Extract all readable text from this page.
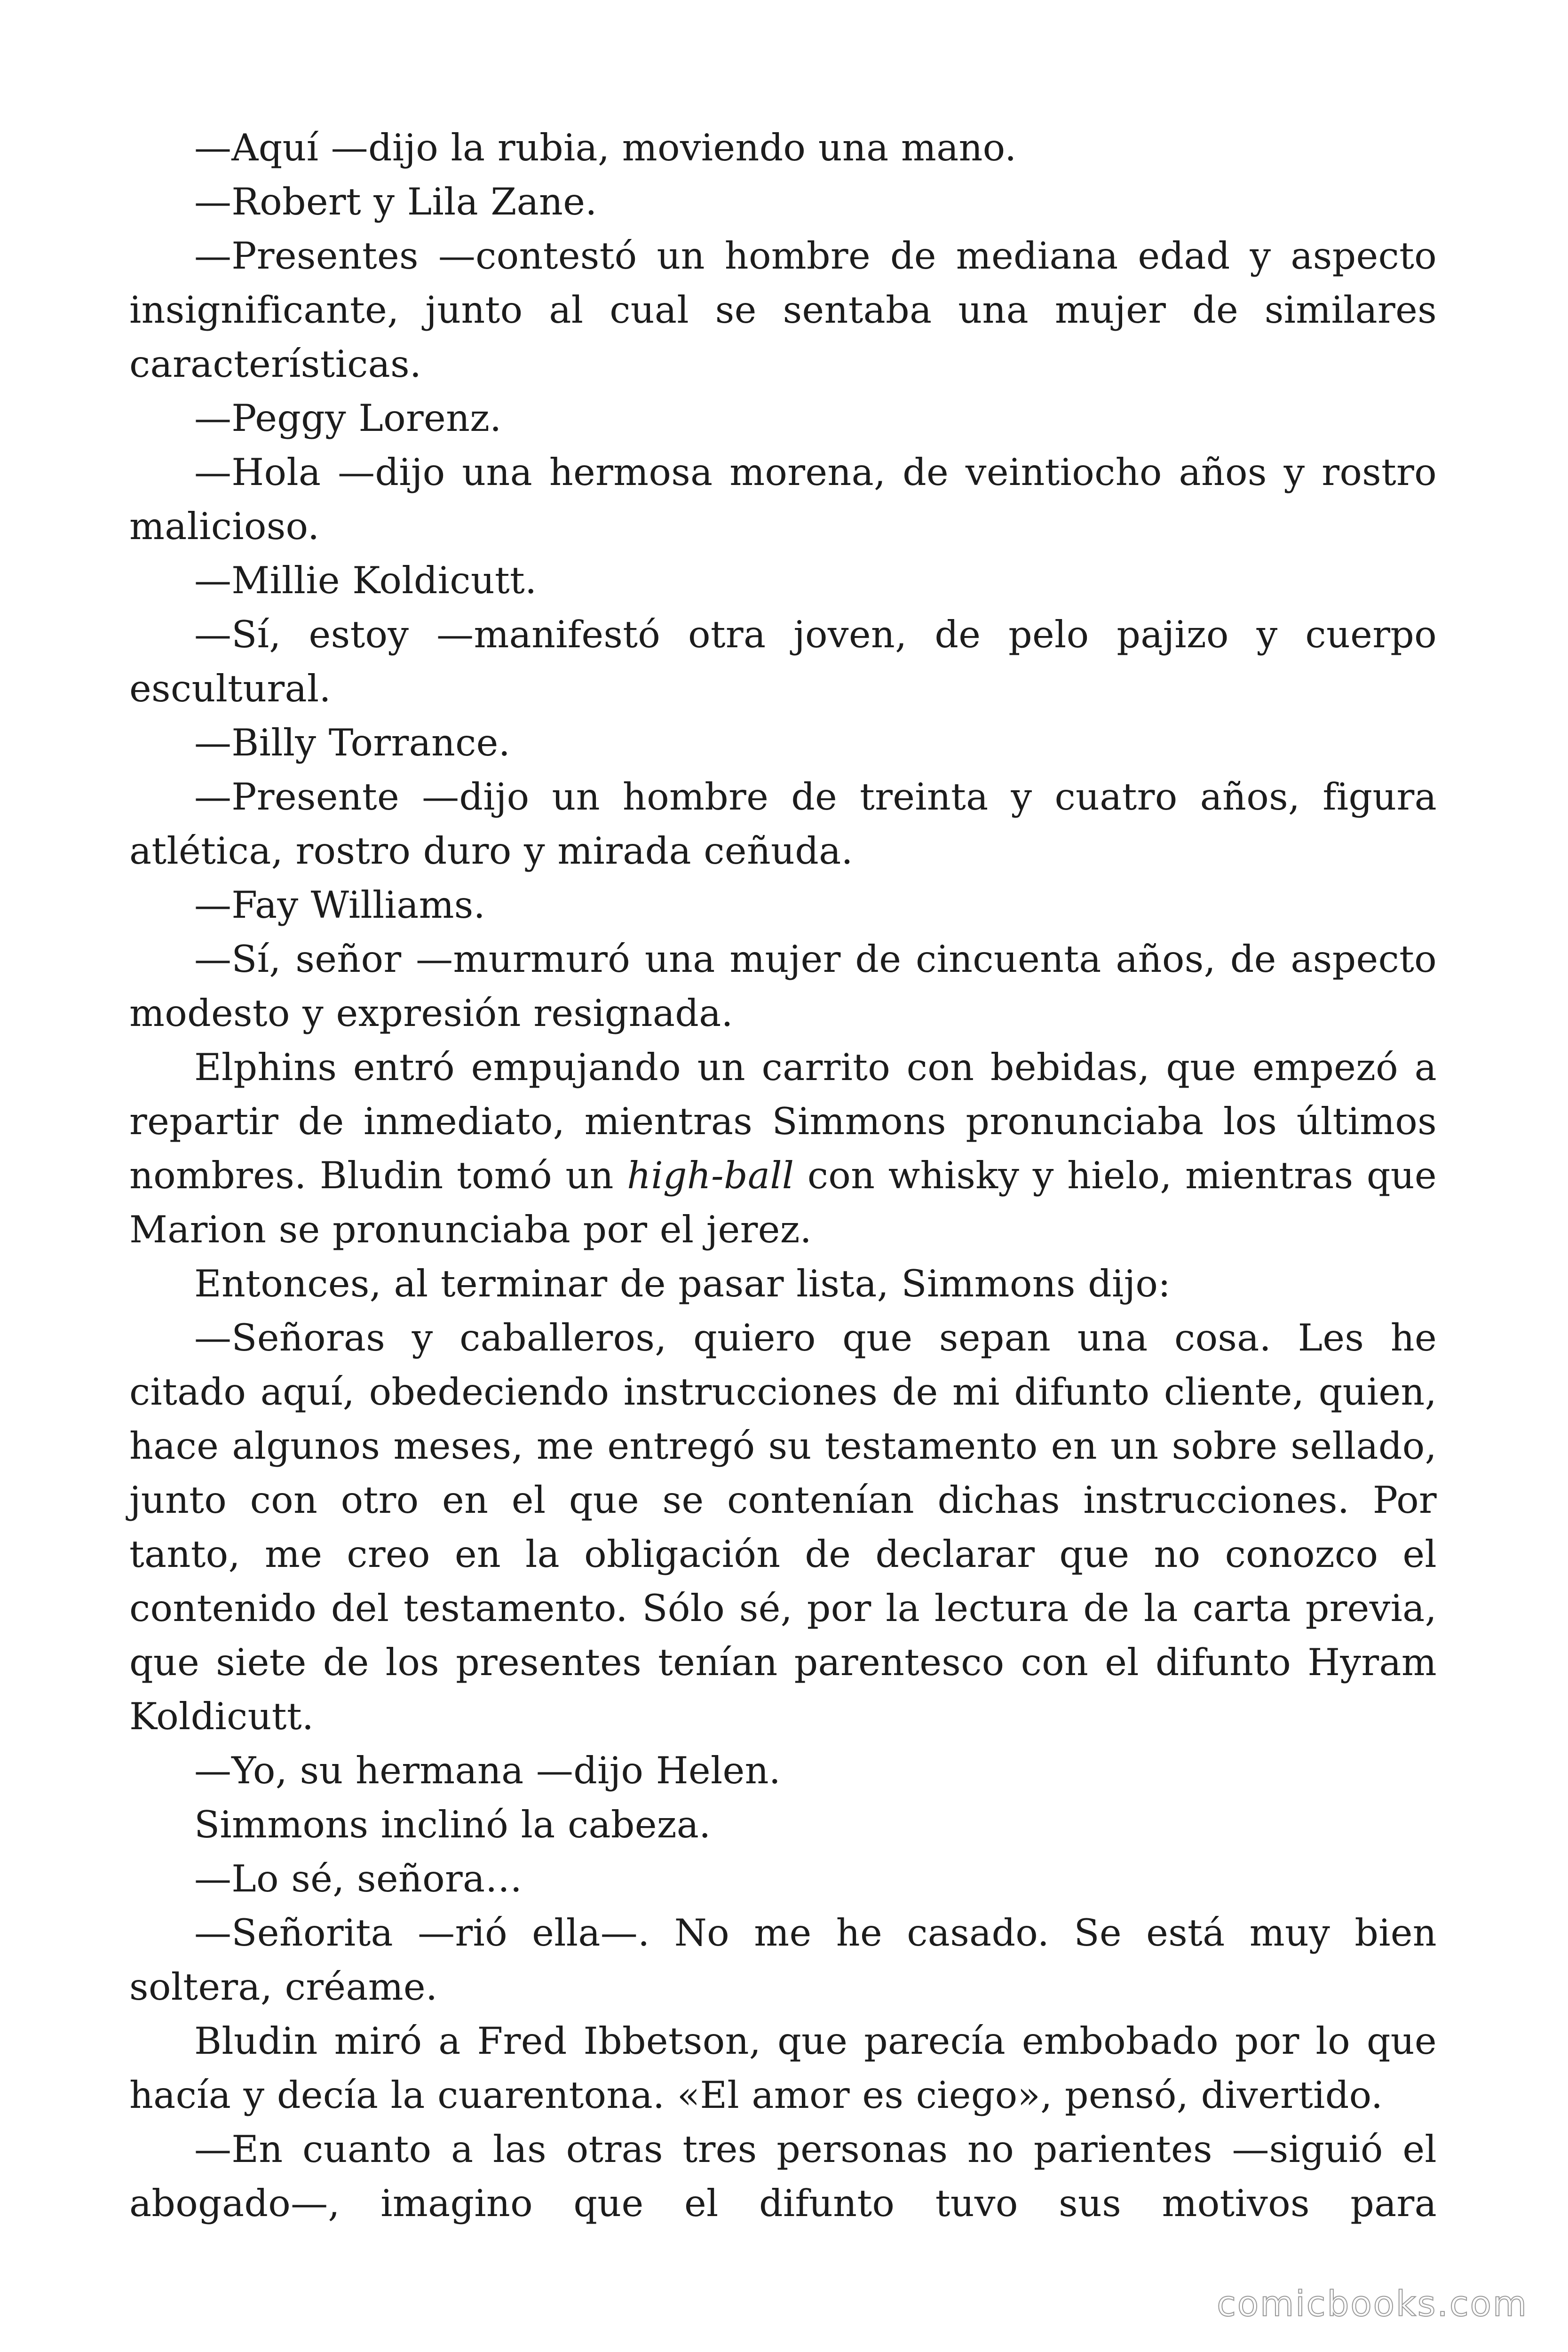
—Aquí —dijo la rubia, moviendo una mano.

—Robert y Lila Zane.

—Presentes —contestó un hombre de mediana edad y aspecto insignificante, junto al cual se sentaba una mujer de similares características.

—Peggy Lorenz.

—Hola —dijo una hermosa morena, de veintiocho años y rostro malicioso.

—Millie Koldicutt.

—Sí, estoy —manifestó otra joven, de pelo pajizo y cuerpo escultural.

—Billy Torrance.

—Presente —dijo un hombre de treinta y cuatro años, figura atlética, rostro duro y mirada ceñuda.

—Fay Williams.

—Sí, señor —murmuró una mujer de cincuenta años, de aspecto modesto y expresión resignada.

Elphins entró empujando un carrito con bebidas, que empezó a repartir de inmediato, mientras Simmons pronunciaba los últimos nombres. Bludin tomó un high-ball con whisky y hielo, mientras que Marion se pronunciaba por el jerez.

Entonces, al terminar de pasar lista, Simmons dijo:

—Señoras y caballeros, quiero que sepan una cosa. Les he citado aquí, obedeciendo instrucciones de mi difunto cliente, quien, hace algunos meses, me entregó su testamento en un sobre sellado, junto con otro en el que se contenían dichas instrucciones. Por tanto, me creo en la obligación de declarar que no conozco el contenido del testamento. Sólo sé, por la lectura de la carta previa, que siete de los presentes tenían parentesco con el difunto Hyram Koldicutt.

—Yo, su hermana —dijo Helen.

Simmons inclinó la cabeza.

—Lo sé, señora…

—Señorita —rió ella—. No me he casado. Se está muy bien soltera, créame.

Bludin miró a Fred Ibbetson, que parecía embobado por lo que hacía y decía la cuarentona. «El amor es ciego», pensó, divertido.

—En cuanto a las otras tres personas no parientes —siguió el abogado—, imagino que el difunto tuvo sus motivos para

comicbooks.com
